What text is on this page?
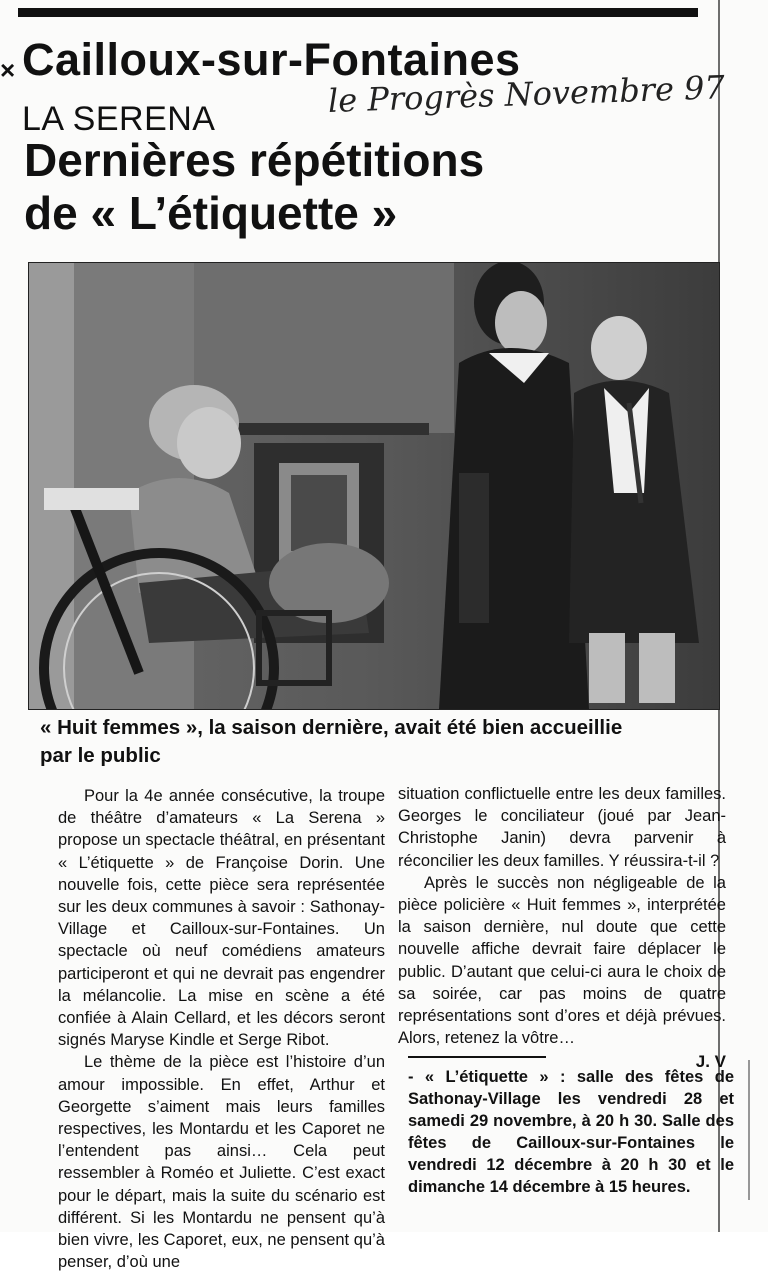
× Cailloux-sur-Fontaines
LA SERENA	le Progrès Novembre 97
Dernières répétitions
de « L’étiquette »
« Huit femmes », la saison dernière, avait été bien accueillie
par le public

Pour la 4e année consécutive, la troupe de théâtre d’amateurs « La Serena » propose un spectacle théâtral, en présentant « L’étiquette » de Françoise Dorin. Une nouvelle fois, cette pièce sera représentée sur les deux communes à savoir : Sathonay-Village et Cailloux-sur-Fontaines. Un spectacle où neuf comédiens amateurs participeront et qui ne devrait pas engendrer la mélancolie. La mise en scène a été confiée à Alain Cellard, et les décors seront signés Maryse Kindle et Serge Ribot.

Le thème de la pièce est l’histoire d’un amour impossible. En effet, Arthur et Georgette s’aiment mais leurs familles respectives, les Montardu et les Caporet ne l’entendent pas ainsi… Cela peut ressembler à Roméo et Juliette. C’est exact pour le départ, mais la suite du scénario est différent. Si les Montardu ne pensent qu’à bien vivre, les Caporet, eux, ne pensent qu’à penser, d’où une

situation conflictuelle entre les deux familles. Georges le conciliateur (joué par Jean-Christophe Janin) devra parvenir à réconcilier les deux familles. Y réussira-t-il ?

Après le succès non négligeable de la pièce policière « Huit femmes », interprétée la saison dernière, nul doute que cette nouvelle affiche devrait faire déplacer le public. D’autant que celui-ci aura le choix de sa soirée, car pas moins de quatre représentations sont d’ores et déjà prévues. Alors, retenez la vôtre…

J. V
- « L’étiquette » : salle des fêtes de Sathonay-Village les vendredi 28 et samedi 29 novembre, à 20 h 30. Salle des fêtes de Cailloux-sur-Fontaines le vendredi 12 décembre à 20 h 30 et le dimanche 14 décembre à 15 heures.
